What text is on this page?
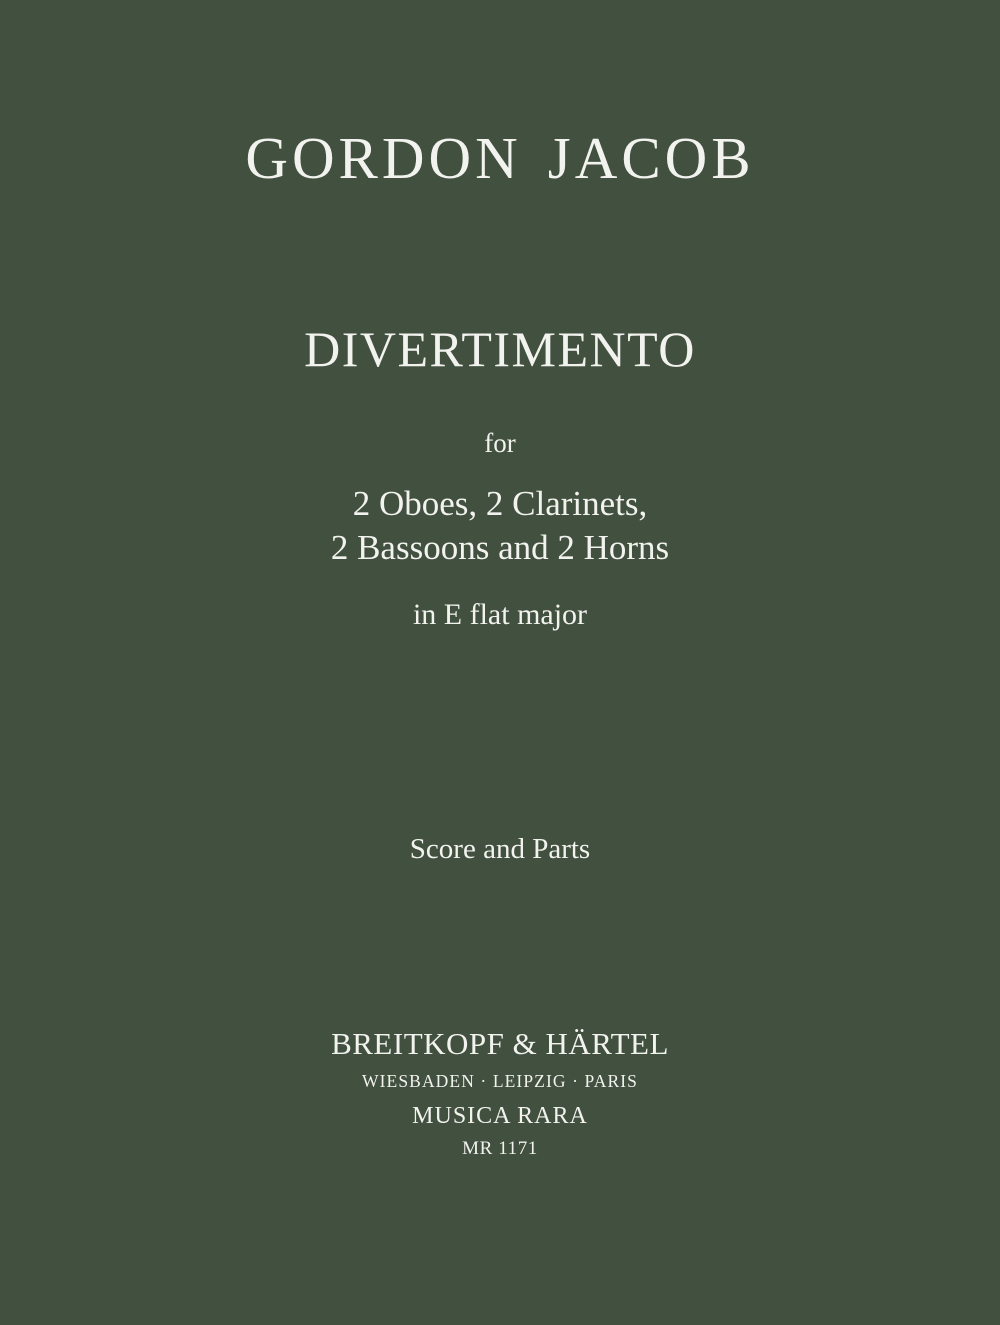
GORDON JACOB
DIVERTIMENTO
for
2 Oboes, 2 Clarinets,
2 Bassoons and 2 Horns
in E flat major
Score and Parts
BREITKOPF & HÄRTEL
WIESBADEN · LEIPZIG · PARIS
MUSICA RARA
MR 1171
